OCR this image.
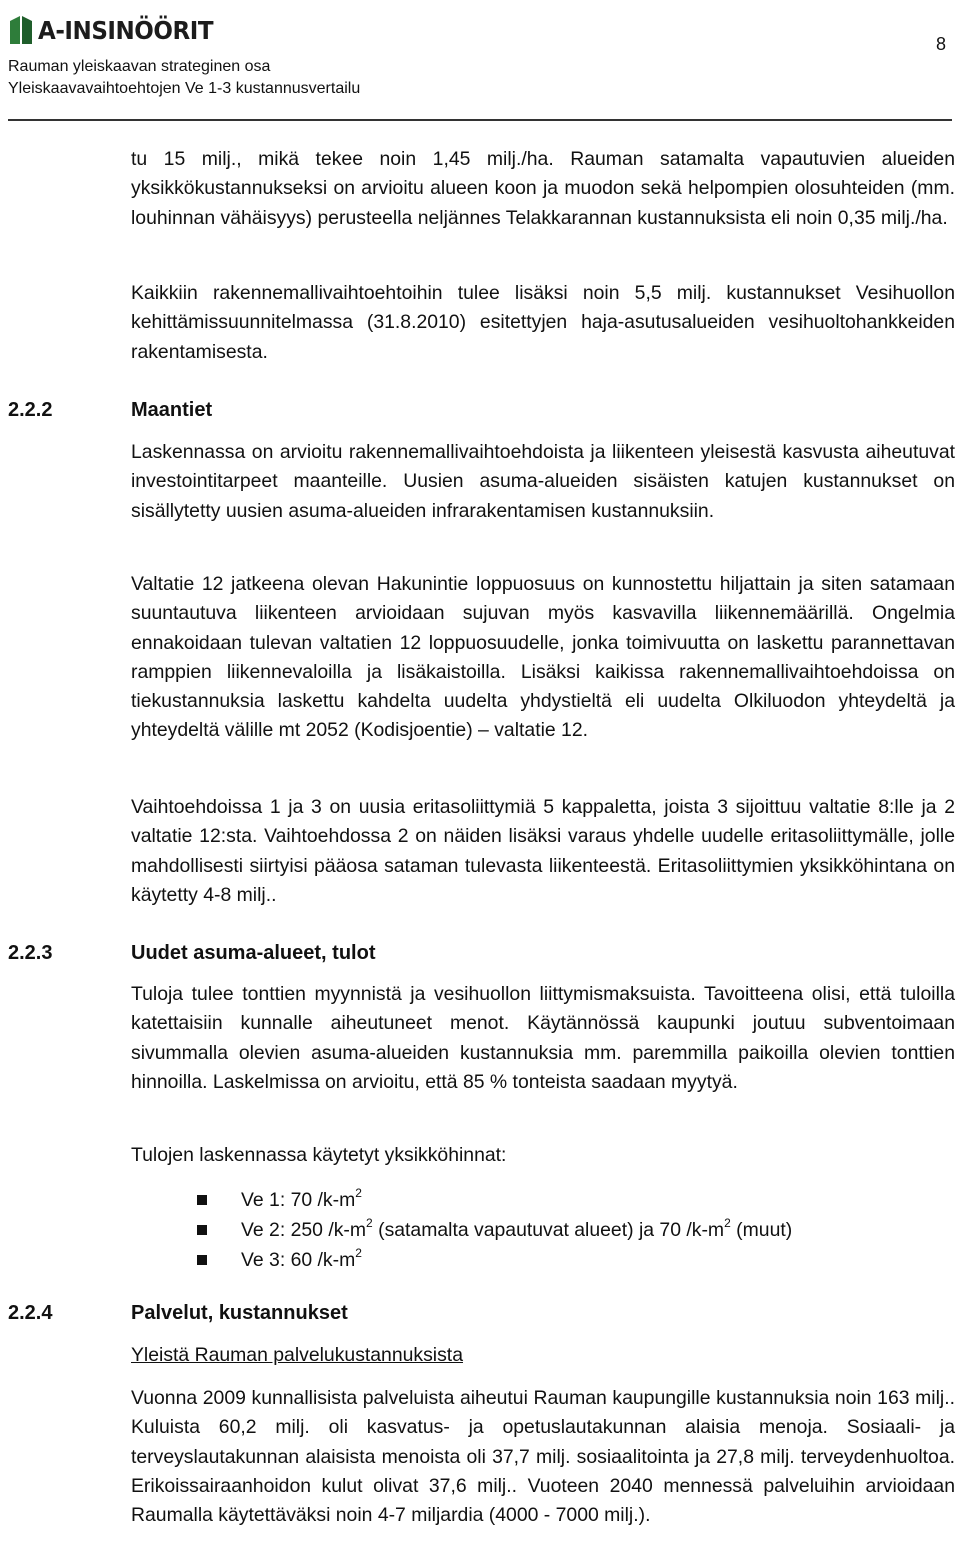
A-INSINÖÖRIT
Rauman yleiskaavan strateginen osa
Yleiskaavavaihtoehtojen Ve 1-3 kustannusvertailu
8

tu 15 milj., mikä tekee noin 1,45 milj./ha. Rauman satamalta vapautuvien alueiden yksikkökustannukseksi on arvioitu alueen koon ja muodon sekä helpompien olosuhteiden (mm. louhinnan vähäisyys) perusteella neljännes Telakkarannan kustannuksista eli noin 0,35 milj./ha.

Kaikkiin rakennemallivaihtoehtoihin tulee lisäksi noin 5,5 milj. kustannukset Vesihuollon kehittämissuunnitelmassa (31.8.2010) esitettyjen haja-asutusalueiden vesihuoltohankkeiden rakentamisesta.

2.2.2	Maantiet

Laskennassa on arvioitu rakennemallivaihtoehdoista ja liikenteen yleisestä kasvusta aiheutuvat investointitarpeet maanteille. Uusien asuma-alueiden sisäisten katujen kustannukset on sisällytetty uusien asuma-alueiden infrarakentamisen kustannuksiin.

Valtatie 12 jatkeena olevan Hakunintie loppuosuus on kunnostettu hiljattain ja siten satamaan suuntautuva liikenteen arvioidaan sujuvan myös kasvavilla liikennemäärillä. Ongelmia ennakoidaan tulevan valtatien 12 loppuosuudelle, jonka toimivuutta on laskettu parannettavan ramppien liikennevaloilla ja lisäkaistoilla. Lisäksi kaikissa rakennemallivaihtoehdoissa on tiekustannuksia laskettu kahdelta uudelta yhdystieltä eli uudelta Olkiluodon yhteydeltä ja yhteydeltä välille mt 2052 (Kodisjoentie) – valtatie 12.

Vaihtoehdoissa 1 ja 3 on uusia eritasoliittymiä 5 kappaletta, joista 3 sijoittuu valtatie 8:lle ja 2 valtatie 12:sta. Vaihtoehdossa 2 on näiden lisäksi varaus yhdelle uudelle eritasoliittymälle, jolle mahdollisesti siirtyisi pääosa sataman tulevasta liikenteestä. Eritasoliittymien yksikköhintana on käytetty 4-8 milj..

2.2.3	Uudet asuma-alueet, tulot

Tuloja tulee tonttien myynnistä ja vesihuollon liittymismaksuista. Tavoitteena olisi, että tuloilla katettaisiin kunnalle aiheutuneet menot. Käytännössä kaupunki joutuu subventoimaan sivummalla olevien asuma-alueiden kustannuksia mm. paremmilla paikoilla olevien tonttien hinnoilla. Laskelmissa on arvioitu, että 85 % tonteista saadaan myytyä.

Tulojen laskennassa käytetyt yksikköhinnat:

Ve 1: 70 $/k-m^2$
Ve 2: 250 $/k-m^2$ (satamalta vapautuvat alueet) ja 70 $/k-m^2$ (muut)
Ve 3: 60 $/k-m^2$
2.2.4	Palvelut, kustannukset
Yleistä Rauman palvelukustannuksista

Vuonna 2009 kunnallisista palveluista aiheutui Rauman kaupungille kustannuksia noin 163 milj.. Kuluista 60,2 milj. oli kasvatus- ja opetuslautakunnan alaisia menoja. Sosiaali- ja terveyslautakunnan alaisista menoista oli 37,7 milj. sosiaalitointa ja 27,8 milj. terveydenhuoltoa. Erikoissairaanhoidon kulut olivat 37,6 milj.. Vuoteen 2040 mennessä palveluihin arvioidaan Raumalla käytettäväksi noin 4-7 miljardia (4000 - 7000 milj.).
